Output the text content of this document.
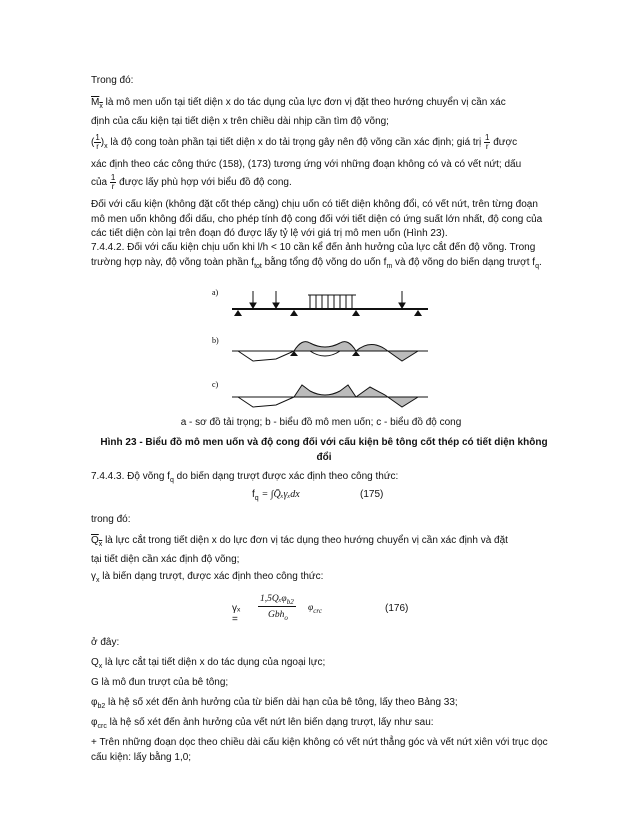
Trong đó:

$M_x$ là mô men uốn tại tiết diện x do tác dụng của lực đơn vị đặt theo hướng chuyển vị cần xác
định của cấu kiện tại tiết diện x trên chiều dài nhịp cần tìm độ võng;
( $\frac{1}{r} )_x$ là độ cong toàn phần tại tiết diện x do tải trọng gây nên độ võng cần xác định; giá trị $\frac{1}{r}$ được

xác định theo các công thức (158), (173) tương ứng với những đoạn không có và có vết nứt; dấu

của $\frac{1}{r}$ được lấy phù hợp với biểu đồ độ cong.

Đối với cấu kiện (không đặt cốt thép căng) chịu uốn có tiết diện không đổi, có vết nứt, trên từng đoạn mô men uốn không đổi dấu, cho phép tính độ cong đối với tiết diện có ứng suất lớn nhất, độ cong của các tiết diện còn lại trên đoạn đó được lấy tỷ lệ với giá trị mô men uốn (Hình 23).

7.4.4.2. Đối với cấu kiện chịu uốn khi l/h < 10 cần kể đến ảnh hưởng của lực cắt đến độ võng. Trong trường hợp này, độ võng toàn phần $f_{tot}$ bằng tổng độ võng do uốn $f_m$ và độ võng do biến dạng trượt $f_q$.

a)
b)
c)

a - sơ đồ tải trọng; b - biểu đồ mô men uốn; c - biểu đồ độ cong

Hình 23 - Biểu đồ mô men uốn và độ cong đối với cấu kiện bê tông cốt thép có tiết diện không đổi

7.4.4.3. Độ võng $f_q$ do biến dạng trượt được xác định theo công thức:

$f_q$ = ∫Q̄ₓγₓdx	(175)

trong đó:

$Q_x$ là lực cắt trong tiết diện x do lực đơn vị tác dụng theo hướng chuyển vị cần xác định và đặt
tại tiết diện cần xác định độ võng;

$\gamma_x$ là biến dạng trượt, được xác định theo công thức:

γₓ =
1,5Qₓφ$_{b2}$
Gbh$_o$
$\varphi_{crc}$	(176)

ở đây:

$Q_x$ là lực cắt tại tiết diện x do tác dụng của ngoại lực;

G là mô đun trượt của bê tông;

$\varphi_{b2}$ là hệ số xét đến ảnh hưởng của từ biến dài hạn của bê tông, lấy theo Bảng 33;

$\varphi_{crc}$ là hệ số xét đến ảnh hưởng của vết nứt lên biến dạng trượt, lấy như sau:

+ Trên những đoạn dọc theo chiều dài cấu kiện không có vết nứt thẳng góc và vết nứt xiên với trục dọc cấu kiện: lấy bằng 1,0;
